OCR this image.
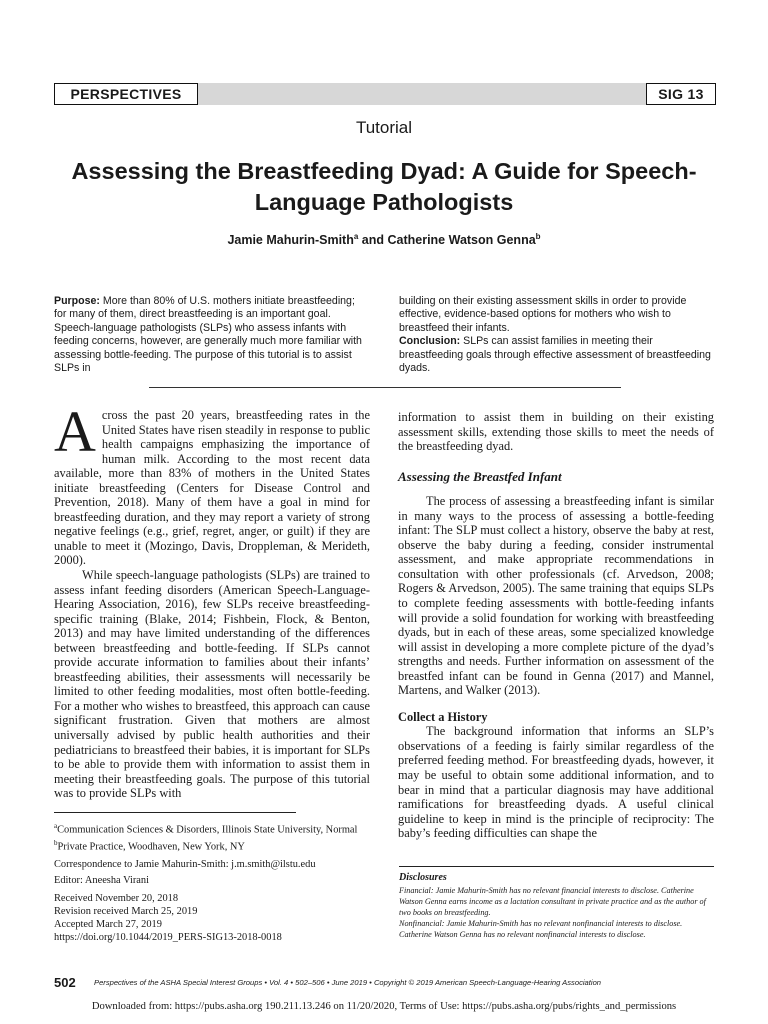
PERSPECTIVES	SIG 13
Tutorial
Assessing the Breastfeeding Dyad: A Guide for Speech-Language Pathologists
Jamie Mahurin-Smith$^a$ and Catherine Watson Genna$^b$

Purpose: More than 80% of U.S. mothers initiate breastfeeding; for many of them, direct breastfeeding is an important goal. Speech-language pathologists (SLPs) who assess infants with feeding concerns, however, are generally much more familiar with assessing bottle-feeding. The purpose of this tutorial is to assist SLPs in

building on their existing assessment skills in order to provide effective, evidence-based options for mothers who wish to breastfeed their infants.

Conclusion: SLPs can assist families in meeting their breastfeeding goals through effective assessment of breastfeeding dyads.

Across the past 20 years, breastfeeding rates in the United States have risen steadily in response to public health campaigns emphasizing the importance of human milk. According to the most recent data available, more than 83% of mothers in the United States initiate breastfeeding (Centers for Disease Control and Prevention, 2018). Many of them have a goal in mind for breastfeeding duration, and they may report a variety of strong negative feelings (e.g., grief, regret, anger, or guilt) if they are unable to meet it (Mozingo, Davis, Droppleman, & Merideth, 2000).

While speech-language pathologists (SLPs) are trained to assess infant feeding disorders (American Speech-Language-Hearing Association, 2016), few SLPs receive breastfeeding-specific training (Blake, 2014; Fishbein, Flock, & Benton, 2013) and may have limited understanding of the differences between breastfeeding and bottle-feeding. If SLPs cannot provide accurate information to families about their infants’ breastfeeding abilities, their assessments will necessarily be limited to other feeding modalities, most often bottle-feeding. For a mother who wishes to breastfeed, this approach can cause significant frustration. Given that mothers are almost universally advised by public health authorities and their pediatricians to breastfeed their babies, it is important for SLPs to be able to provide them with information to assist them in meeting their breastfeeding goals. The purpose of this tutorial was to provide SLPs with

information to assist them in building on their existing assessment skills, extending those skills to meet the needs of the breastfeeding dyad.

Assessing the Breastfed Infant

The process of assessing a breastfeeding infant is similar in many ways to the process of assessing a bottle-feeding infant: The SLP must collect a history, observe the baby at rest, observe the baby during a feeding, consider instrumental assessment, and make appropriate recommendations in consultation with other professionals (cf. Arvedson, 2008; Rogers & Arvedson, 2005). The same training that equips SLPs to complete feeding assessments with bottle-feeding infants will provide a solid foundation for working with breastfeeding dyads, but in each of these areas, some specialized knowledge will assist in developing a more complete picture of the dyad’s strengths and needs. Further information on assessment of the breastfed infant can be found in Genna (2017) and Mannel, Martens, and Walker (2013).

Collect a History

The background information that informs an SLP’s observations of a feeding is fairly similar regardless of the preferred feeding method. For breastfeeding dyads, however, it may be useful to obtain some additional information, and to bear in mind that a particular diagnosis may have additional ramifications for breastfeeding dyads. A useful clinical guideline to keep in mind is the principle of reciprocity: The baby’s feeding difficulties can shape the

$^a$Communication Sciences & Disorders, Illinois State University, Normal

$^b$Private Practice, Woodhaven, New York, NY

Correspondence to Jamie Mahurin-Smith: j.m.smith@ilstu.edu

Editor: Aneesha Virani

Received November 20, 2018

Revision received March 25, 2019

Accepted March 27, 2019

https://doi.org/10.1044/2019_PERS-SIG13-2018-0018

Disclosures

Financial: Jamie Mahurin-Smith has no relevant financial interests to disclose. Catherine Watson Genna earns income as a lactation consultant in private practice and as the author of two books on breastfeeding.

Nonfinancial: Jamie Mahurin-Smith has no relevant nonfinancial interests to disclose. Catherine Watson Genna has no relevant nonfinancial interests to disclose.

502 Perspectives of the ASHA Special Interest Groups • Vol. 4 • 502–506 • June 2019 • Copyright © 2019 American Speech-Language-Hearing Association
Downloaded from: https://pubs.asha.org 190.211.13.246 on 11/20/2020, Terms of Use: https://pubs.asha.org/pubs/rights_and_permissions
